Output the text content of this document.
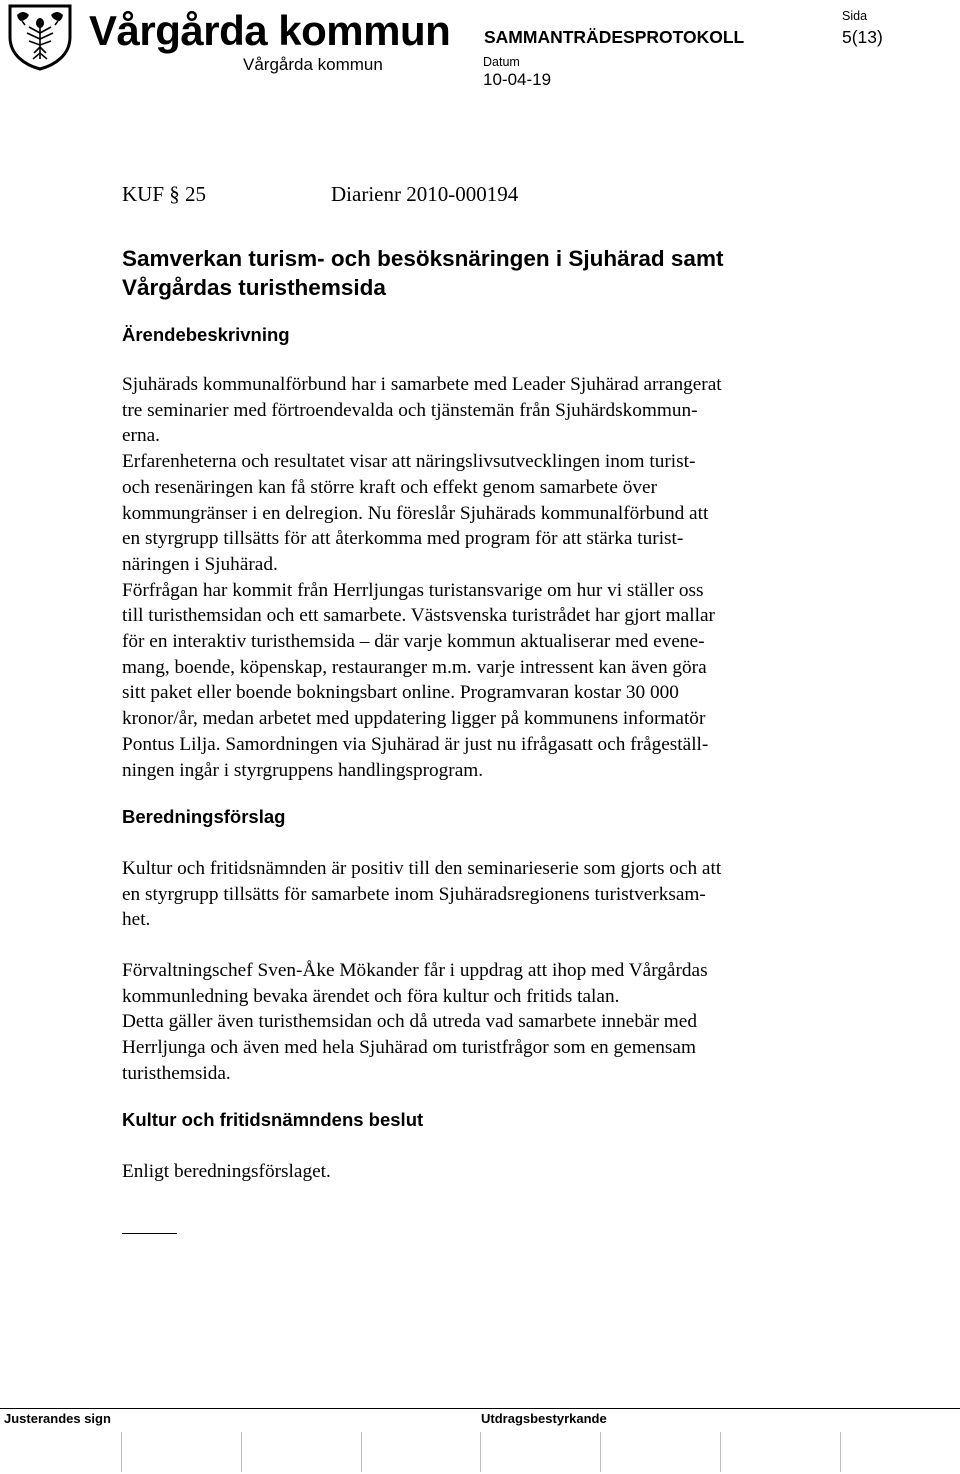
Vårgårda kommun
Vårgårda kommun
SAMMANTRÄDESPROTOKOLL
Datum
10-04-19
Sida
5(13)
KUF § 25	Diarienr 2010-000194
Samverkan turism- och besöksnäringen i Sjuhärad samt
Vårgårdas turisthemsida
Ärendebeskrivning
Sjuhärads kommunalförbund har i samarbete med Leader Sjuhärad arrangerat
tre seminarier med förtroendevalda och tjänstemän från Sjuhärdskommun-
erna.
Erfarenheterna och resultatet visar att näringslivsutvecklingen inom turist-
och resenäringen kan få större kraft och effekt genom samarbete över
kommungränser i en delregion. Nu föreslår Sjuhärads kommunalförbund att
en styrgrupp tillsätts för att återkomma med program för att stärka turist-
näringen i Sjuhärad.
Förfrågan har kommit från Herrljungas turistansvarige om hur vi ställer oss
till turisthemsidan och ett samarbete. Västsvenska turistrådet har gjort mallar
för en interaktiv turisthemsida – där varje kommun aktualiserar med evene-
mang, boende, köpenskap, restauranger m.m. varje intressent kan även göra
sitt paket eller boende bokningsbart online. Programvaran kostar 30 000
kronor/år, medan arbetet med uppdatering ligger på kommunens informatör
Pontus Lilja. Samordningen via Sjuhärad är just nu ifrågasatt och frågeställ-
ningen ingår i styrgruppens handlingsprogram.
Beredningsförslag
Kultur och fritidsnämnden är positiv till den seminarieserie som gjorts och att
en styrgrupp tillsätts för samarbete inom Sjuhäradsregionens turistverksam-
het.
Förvaltningschef Sven-Åke Mökander får i uppdrag att ihop med Vårgårdas
kommunledning bevaka ärendet och föra kultur och fritids talan.
Detta gäller även turisthemsidan och då utreda vad samarbete innebär med
Herrljunga och även med hela Sjuhärad om turistfrågor som en gemensam
turisthemsida.
Kultur och fritidsnämndens beslut
Enligt beredningsförslaget.
Justerandes sign	Utdragsbestyrkande
